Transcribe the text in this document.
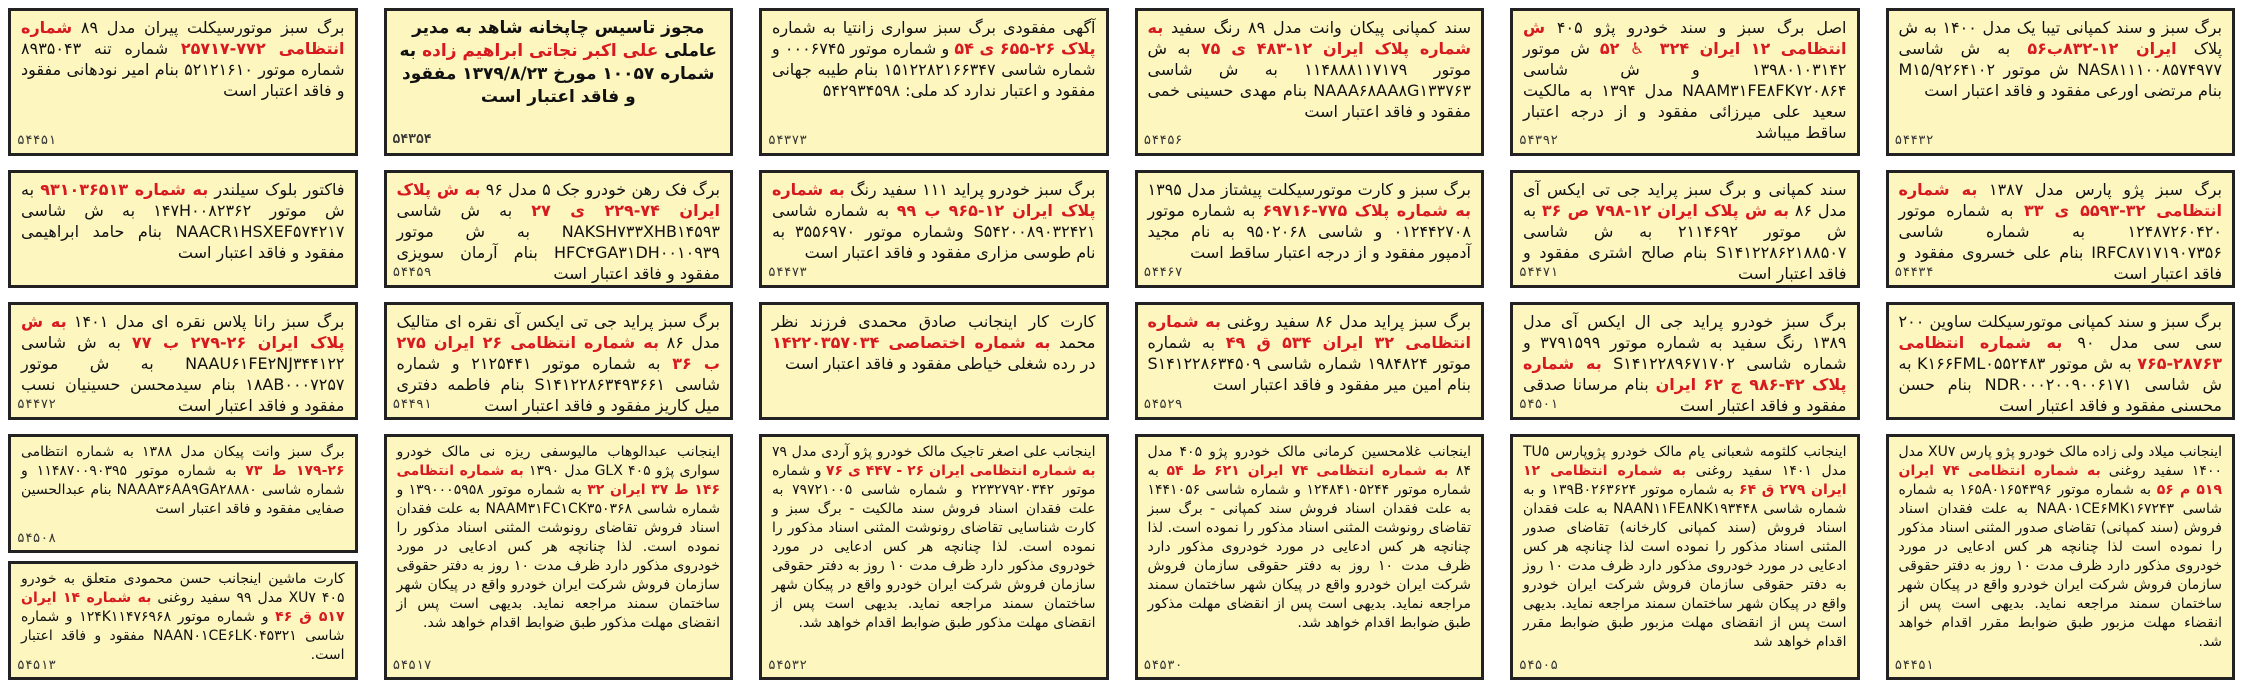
برگ سبز و سند کمپانی تیبا یک مدل ۱۴۰۰ به ش پلاک ایران ۱۲-۸۳۲ب۵۶ به ش شاسی NAS۸۱۱۱۰۰۸۵۷۴۹۷۷ ش موتور M۱۵/۹۲۶۴۱۰۲ بنام مرتضی اورعی مفقود و فاقد اعتبار است
۵۴۴۳۲
اصل برگ سبز و سند خودرو پژو ۴۰۵ ش انتظامی ۱۲ ایران ۳۲۴ ♿ ۵۲ ش موتور ۱۳۹۸۰۱۰۳۱۴۲ و ش شاسی NAAM۳۱FE۸FK۷۲۰۸۶۴ مدل ۱۳۹۴ به مالکیت سعید علی میرزائی مفقود و از درجه اعتبار ساقط میباشد
۵۴۳۹۲
سند کمپانی پیکان وانت مدل ۸۹ رنگ سفید به شماره پلاک ایران ۱۲-۴۸۳ ی ۷۵ به ش موتور ۱۱۴۸۸۸۱۱۷۱۷۹ به ش شاسی NAAA۶۸AA۸G۱۳۳۷۶۳ بنام مهدی حسینی خمی مفقود و فاقد اعتبار است
۵۴۴۵۶
آگهی مفقودی برگ سبز سواری زانتیا به شماره پلاک ۲۶-۶۵۵ ی ۵۴ و شماره موتور ۰۰۰۶۷۴۵ و شماره شاسی ۱۵۱۲۲۸۲۱۶۶۳۴۷ بنام طیبه جهانی مفقود و اعتبار ندارد کد ملی: ۵۴۲۹۳۴۵۹۸
۵۴۳۷۳
مجوز تاسیس چاپخانه شاهد به مدیر عاملی علی اکبر نجاتی ابراهیم زاده به شماره ۱۰۰۵۷ مورخ ۱۳۷۹/۸/۲۳ مفقود و فاقد اعتبار است
۵۴۳۵۴
برگ سبز موتورسیکلت پیران مدل ۸۹ شماره انتظامی ۷۷۲-۲۵۷۱۷ شماره تنه ۸۹۳۵۰۴۳ شماره موتور ۵۲۱۲۱۶۱۰ بنام امیر نودهانی مفقود و فاقد اعتبار است
۵۴۴۵۱
برگ سبز پژو پارس مدل ۱۳۸۷ به شماره انتظامی ۳۲-۵۵۹۳ ی ۳۳ به شماره موتور ۱۲۴۸۷۲۶۰۴۲۰ به شماره شاسی IRFC۸۷۱۷۱۹۰۷۳۵۶ بنام علی خسروی مفقود و فاقد اعتبار است
۵۴۴۳۴
سند کمپانی و برگ سبز پراید جی تی ایکس آی مدل ۸۶ به ش پلاک ایران ۱۲-۷۹۸ ص ۳۶ به ش موتور ۲۱۱۴۶۹۲ به ش شاسی S۱۴۱۲۲۸۶۲۱۸۸۵۰۷ بنام صالح اشتری مفقود و فاقد اعتبار است
۵۴۴۷۱
برگ سبز و کارت موتورسیکلت پیشتاز مدل ۱۳۹۵ به شماره پلاک ۷۷۵-۶۹۷۱۶ به شماره موتور ۰۱۲۴۴۲۷۰۸ و شاسی ۹۵۰۲۰۶۸ به نام مجید آدمپور مفقود و از درجه اعتبار ساقط است
۵۴۴۶۷
برگ سبز خودرو پراید ۱۱۱ سفید رنگ به شماره پلاک ایران ۱۲-۹۶۵ ب ۹۹ به شماره شاسی S۵۴۲۰۰۸۹۰۳۲۴۲۱ وشماره موتور ۳۵۵۶۹۷۰ به نام طوسی مزاری مفقود و فاقد اعتبار است
۵۴۴۷۳
برگ فک رهن خودرو جک ۵ مدل ۹۶ به ش پلاک ایران ۷۴-۲۲۹ ی ۲۷ به ش شاسی NAKSH۷۳۳XHB۱۴۵۹۳ به ش موتور HFC۴GA۳۱DH۰۰۱۰۹۳۹ بنام آرمان سویزی مفقود و فاقد اعتبار است
۵۴۴۵۹
فاکتور بلوک سیلندر به شماره ۹۳۱۰۳۶۵۱۳ به ش موتور ۱۴۷H۰۰۸۲۳۶۲ به ش شاسی NAACR۱HSXEF۵۷۴۲۱۷ بنام حامد ابراهیمی مفقود و فاقد اعتبار است
برگ سبز و سند کمپانی موتورسیکلت ساوین ۲۰۰ سی سی مدل ۹۰ به شماره انتظامی ۲۸۷۶۳-۷۶۵ به ش موتور K۱۶۶FML۰۵۵۲۴۸۳ به ش شاسی NDR۰۰۰۲۰۰۹۰۰۶۱۷۱ بنام حسن محسنی مفقود و فاقد اعتبار است
برگ سبز خودرو پراید جی ال ایکس آی مدل ۱۳۸۹ رنگ سفید به شماره موتور ۳۷۹۱۵۹۹ و شماره شاسی S۱۴۱۲۲۸۹۶۷۱۷۰۲ به شماره پلاک ۴۲-۹۸۶ ج ۶۲ ایران بنام مرسانا صدقی مفقود و فاقد اعتبار است
۵۴۵۰۱
برگ سبز پراید مدل ۸۶ سفید روغنی به شماره انتظامی ۳۲ ایران ۵۳۴ ق ۴۹ به شماره موتور ۱۹۸۴۸۲۴ شماره شاسی S۱۴۱۲۲۸۶۳۴۵۰۹ بنام امین میر مفقود و فاقد اعتبار است
۵۴۵۲۹
کارت کار اینجانب صادق محمدی فرزند نظر محمد به شماره اختصاصی ۱۴۲۲۰۳۵۷۰۳۴ در رده شغلی خیاطی مفقود و فاقد اعتبار است
برگ سبز پراید جی تی ایکس آی نقره ای متالیک مدل ۸۶ به شماره انتظامی ۲۶ ایران ۲۷۵ ب ۳۶ به شماره موتور ۲۱۲۵۴۴۱ و شماره شاسی S۱۴۱۲۲۸۶۳۴۹۳۶۶۱ بنام فاطمه دفتری میل کاریز مفقود و فاقد اعتبار است
۵۴۴۹۱
برگ سبز رانا پلاس نقره ای مدل ۱۴۰۱ به ش پلاک ایران ۲۶-۲۷۹ ب ۷۷ به ش شاسی NAAU۶۱FE۲NJ۳۴۴۱۲۲ به ش موتور ۱۸AB۰۰۰۷۲۵۷ بنام سیدمحسن حسینیان نسب مفقود و فاقد اعتبار است
۵۴۴۷۲
اینجانب میلاد ولی زاده مالک خودرو پژو پارس XU۷ مدل ۱۴۰۰ سفید روغنی به شماره انتظامی ۷۴ ایران ۵۱۹ م ۵۶ به شماره موتور ۱۶۵A۰۱۶۵۴۳۹۶ به شماره شاسی NAA۰۱CE۶MK۱۶۷۲۴۳ به علت فقدان اسناد فروش (سند کمپانی) تقاضای صدور المثنی اسناد مذکور را نموده است لذا چنانچه هر کس ادعایی در مورد خودروی مذکور دارد ظرف مدت ۱۰ روز به دفتر حقوقی سازمان فروش شرکت ایران خودرو واقع در پیکان شهر ساختمان سمند مراجعه نماید. بدیهی است پس از انقضاء مهلت مزبور طبق ضوابط مقرر اقدام خواهد شد.
۵۴۴۵۱
اینجانب کلثومه شعبانی یام مالک خودرو پژوپارس TU۵ مدل ۱۴۰۱ سفید روغنی به شماره انتظامی ۱۲ ایران ۲۷۹ ق ۶۴ به شماره موتور ۱۳۹B۰۲۶۳۶۲۴ و به شماره شاسی NAAN۱۱FE۸NK۱۹۳۴۴۸ به علت فقدان اسناد فروش (سند کمپانی کارخانه) تقاضای صدور المثنی اسناد مذکور را نموده است لذا چنانچه هر کس ادعایی در مورد خودروی مذکور دارد ظرف مدت ۱۰ روز به دفتر حقوقی سازمان فروش شرکت ایران خودرو واقع در پیکان شهر ساختمان سمند مراجعه نماید. بدیهی است پس از انقضای مهلت مزبور طبق ضوابط مقرر اقدام خواهد شد
۵۴۵۰۵
اینجانب غلامحسین کرمانی مالک خودرو پژو ۴۰۵ مدل ۸۴ به شماره انتظامی ۷۴ ایران ۶۲۱ ط ۵۴ به شماره موتور ۱۲۴۸۴۱۰۵۲۴۴ و شماره شاسی ۱۴۴۱۰۵۶ به علت فقدان اسناد فروش سند کمپانی - برگ سبز تقاضای رونوشت المثنی اسناد مذکور را نموده است. لذا چنانچه هر کس ادعایی در مورد خودروی مذکور دارد ظرف مدت ۱۰ روز به دفتر حقوقی سازمان فروش شرکت ایران خودرو واقع در پیکان شهر ساختمان سمند مراجعه نماید. بدیهی است پس از انقضای مهلت مذکور طبق ضوابط اقدام خواهد شد.
۵۴۵۳۰
اینجانب علی اصغر تاجیک مالک خودرو پژو آردی مدل ۷۹ به شماره انتظامی ایران ۲۶ - ۴۴۷ ی ۷۶ و شماره موتور ۲۲۳۲۷۹۲۰۳۴۲ و شماره شاسی ۷۹۷۲۱۰۰۵ به علت فقدان اسناد فروش سند مالکیت - برگ سبز و کارت شناسایی تقاضای رونوشت المثنی اسناد مذکور را نموده است. لذا چنانچه هر کس ادعایی در مورد خودروی مذکور دارد ظرف مدت ۱۰ روز به دفتر حقوقی سازمان فروش شرکت ایران خودرو واقع در پیکان شهر ساختمان سمند مراجعه نماید. بدیهی است پس از انقضای مهلت مذکور طبق ضوابط اقدام خواهد شد.
۵۴۵۳۲
اینجانب عبدالوهاب مالیوسفی ریزه نی مالک خودرو سواری پژو ۴۰۵ GLX مدل ۱۳۹۰ به شماره انتظامی ۱۴۶ ط ۳۷ ایران ۳۲ به شماره موتور ۱۳۹۰۰۰۵۹۵۸ و شماره شاسی NAAM۳۱FC۱CK۳۵۰۳۶۸ به علت فقدان اسناد فروش تقاضای رونوشت المثنی اسناد مذکور را نموده است. لذا چنانچه هر کس ادعایی در مورد خودروی مذکور دارد ظرف مدت ۱۰ روز به دفتر حقوقی سازمان فروش شرکت ایران خودرو واقع در پیکان شهر ساختمان سمند مراجعه نماید. بدیهی است پس از انقضای مهلت مذکور طبق ضوابط اقدام خواهد شد.
۵۴۵۱۷
برگ سبز وانت پیکان مدل ۱۳۸۸ به شماره انتظامی ۲۶-۱۷۹ ط ۷۳ به شماره موتور ۱۱۴۸۷۰۰۹۰۳۹۵ و شماره شاسی NAAA۳۶AA۹GA۲۸۸۸۰ بنام عبدالحسین صفایی مفقود و فاقد اعتبار است
۵۴۵۰۸
کارت ماشین اینجانب حسن محمودی متعلق به خودرو XU۷ ۴۰۵ مدل ۹۹ سفید روغنی به شماره ۱۴ ایران ۵۱۷ ق ۴۶ و شماره موتور ۱۲۴K۱۱۴۷۶۹۶۸ و شماره شاسی NAAN۰۱CE۶LK۰۴۵۳۲۱ مفقود و فاقد اعتبار است.
۵۴۵۱۳
